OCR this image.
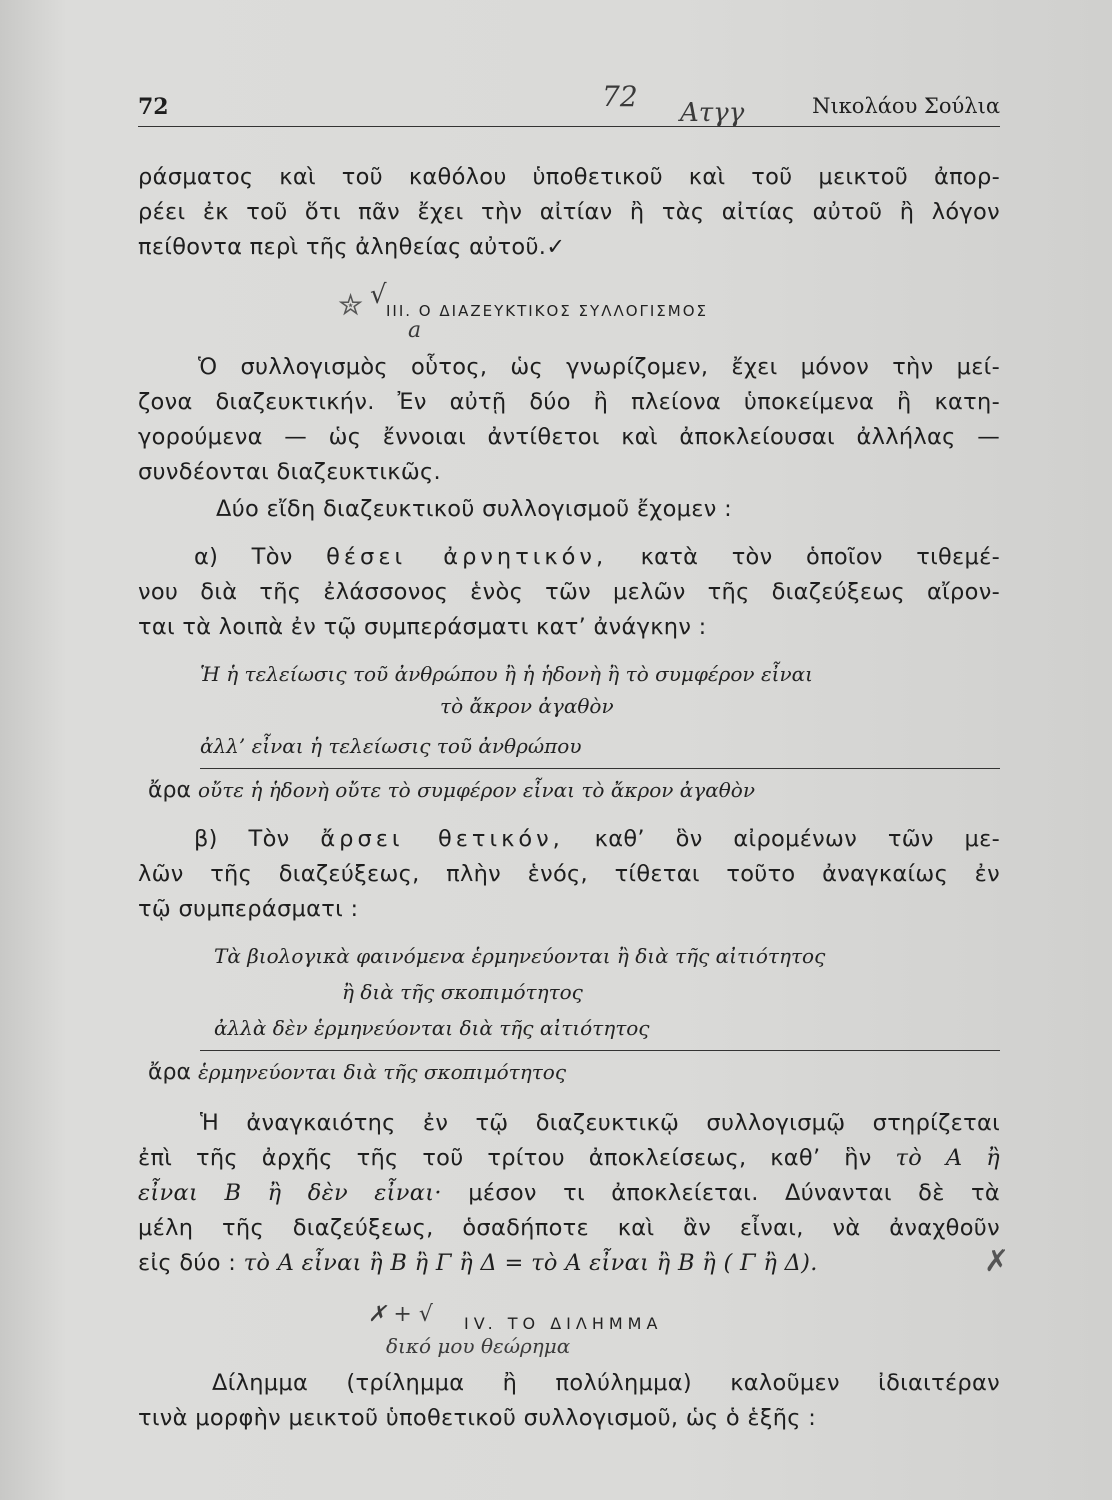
72	Νικολάου Σούλια
72 Ατγγ
ράσματος καὶ τοῦ καθόλου ὑποθετικοῦ καὶ τοῦ μεικτοῦ ἀπορ-
ρέει ἐκ τοῦ ὅτι πᾶν ἔχει τὴν αἰτίαν ἢ τὰς αἰτίας αὐτοῦ ἢ λόγον
πείθοντα περὶ τῆς ἀληθείας αὐτοῦ.✓
✮ √
III. Ο ΔΙΑΖΕΥΚΤΙΚΟΣ ΣΥΛΛΟΓΙΣΜΟΣ
a
Ὁ συλλογισμὸς οὗτος, ὡς γνωρίζομεν, ἔχει μόνον τὴν μεί-
ζονα διαζευκτικήν. Ἐν αὐτῇ δύο ἢ πλείονα ὑποκείμενα ἢ κατη-
γορούμενα — ὡς ἔννοιαι ἀντίθετοι καὶ ἀποκλείουσαι ἀλλήλας —
συνδέονται διαζευκτικῶς.
Δύο εἴδη διαζευκτικοῦ συλλογισμοῦ ἔχομεν :
α) Τὸν θέσει ἀρνητικόν, κατὰ τὸν ὁποῖον τιθεμέ-
νου διὰ τῆς ἐλάσσονος ἑνὸς τῶν μελῶν τῆς διαζεύξεως αἴρον-
ται τὰ λοιπὰ ἐν τῷ συμπεράσματι κατ’ ἀνάγκην :
Ἡ ἡ τελείωσις τοῦ ἀνθρώπου ἢ ἡ ἡδονὴ ἢ τὸ συμφέρον εἶναι
τὸ ἄκρον ἀγαθὸν
ἀλλ’ εἶναι ἡ τελείωσις τοῦ ἀνθρώπου
ἄρα οὔτε ἡ ἡδονὴ οὔτε τὸ συμφέρον εἶναι τὸ ἄκρον ἀγαθὸν
β) Τὸν ἄρσει θετικόν, καθ’ ὃν αἰρομένων τῶν με-
λῶν τῆς διαζεύξεως, πλὴν ἑνός, τίθεται τοῦτο ἀναγκαίως ἐν
τῷ συμπεράσματι :
Τὰ βιολογικὰ φαινόμενα ἑρμηνεύονται ἢ διὰ τῆς αἰτιότητος
ἢ διὰ τῆς σκοπιμότητος
ἀλλὰ δὲν ἑρμηνεύονται διὰ τῆς αἰτιότητος
ἄρα ἑρμηνεύονται διὰ τῆς σκοπιμότητος
Ἡ ἀναγκαιότης ἐν τῷ διαζευκτικῷ συλλογισμῷ στηρίζεται
ἐπὶ τῆς ἀρχῆς τῆς τοῦ τρίτου ἀποκλείσεως, καθ’ ἣν τὸ Α ἢ
εἶναι Β ἢ δὲν εἶναι· μέσον τι ἀποκλείεται. Δύνανται δὲ τὰ
μέλη τῆς διαζεύξεως, ὁσαδήποτε καὶ ἂν εἶναι, νὰ ἀναχθοῦν
εἰς δύο : τὸ Α εἶναι ἢ Β ἢ Γ ἢ Δ = τὸ Α εἶναι ἢ Β ἢ ( Γ ἢ Δ).	✗
✗ + √ IV. ΤΟ ΔΙΛΗΜΜΑ
δικό μου θεώρημα
Δίλημμα (τρίλημμα ἢ πολύλημμα) καλοῦμεν ἰδιαιτέραν
τινὰ μορφὴν μεικτοῦ ὑποθετικοῦ συλλογισμοῦ, ὡς ὁ ἑξῆς :
